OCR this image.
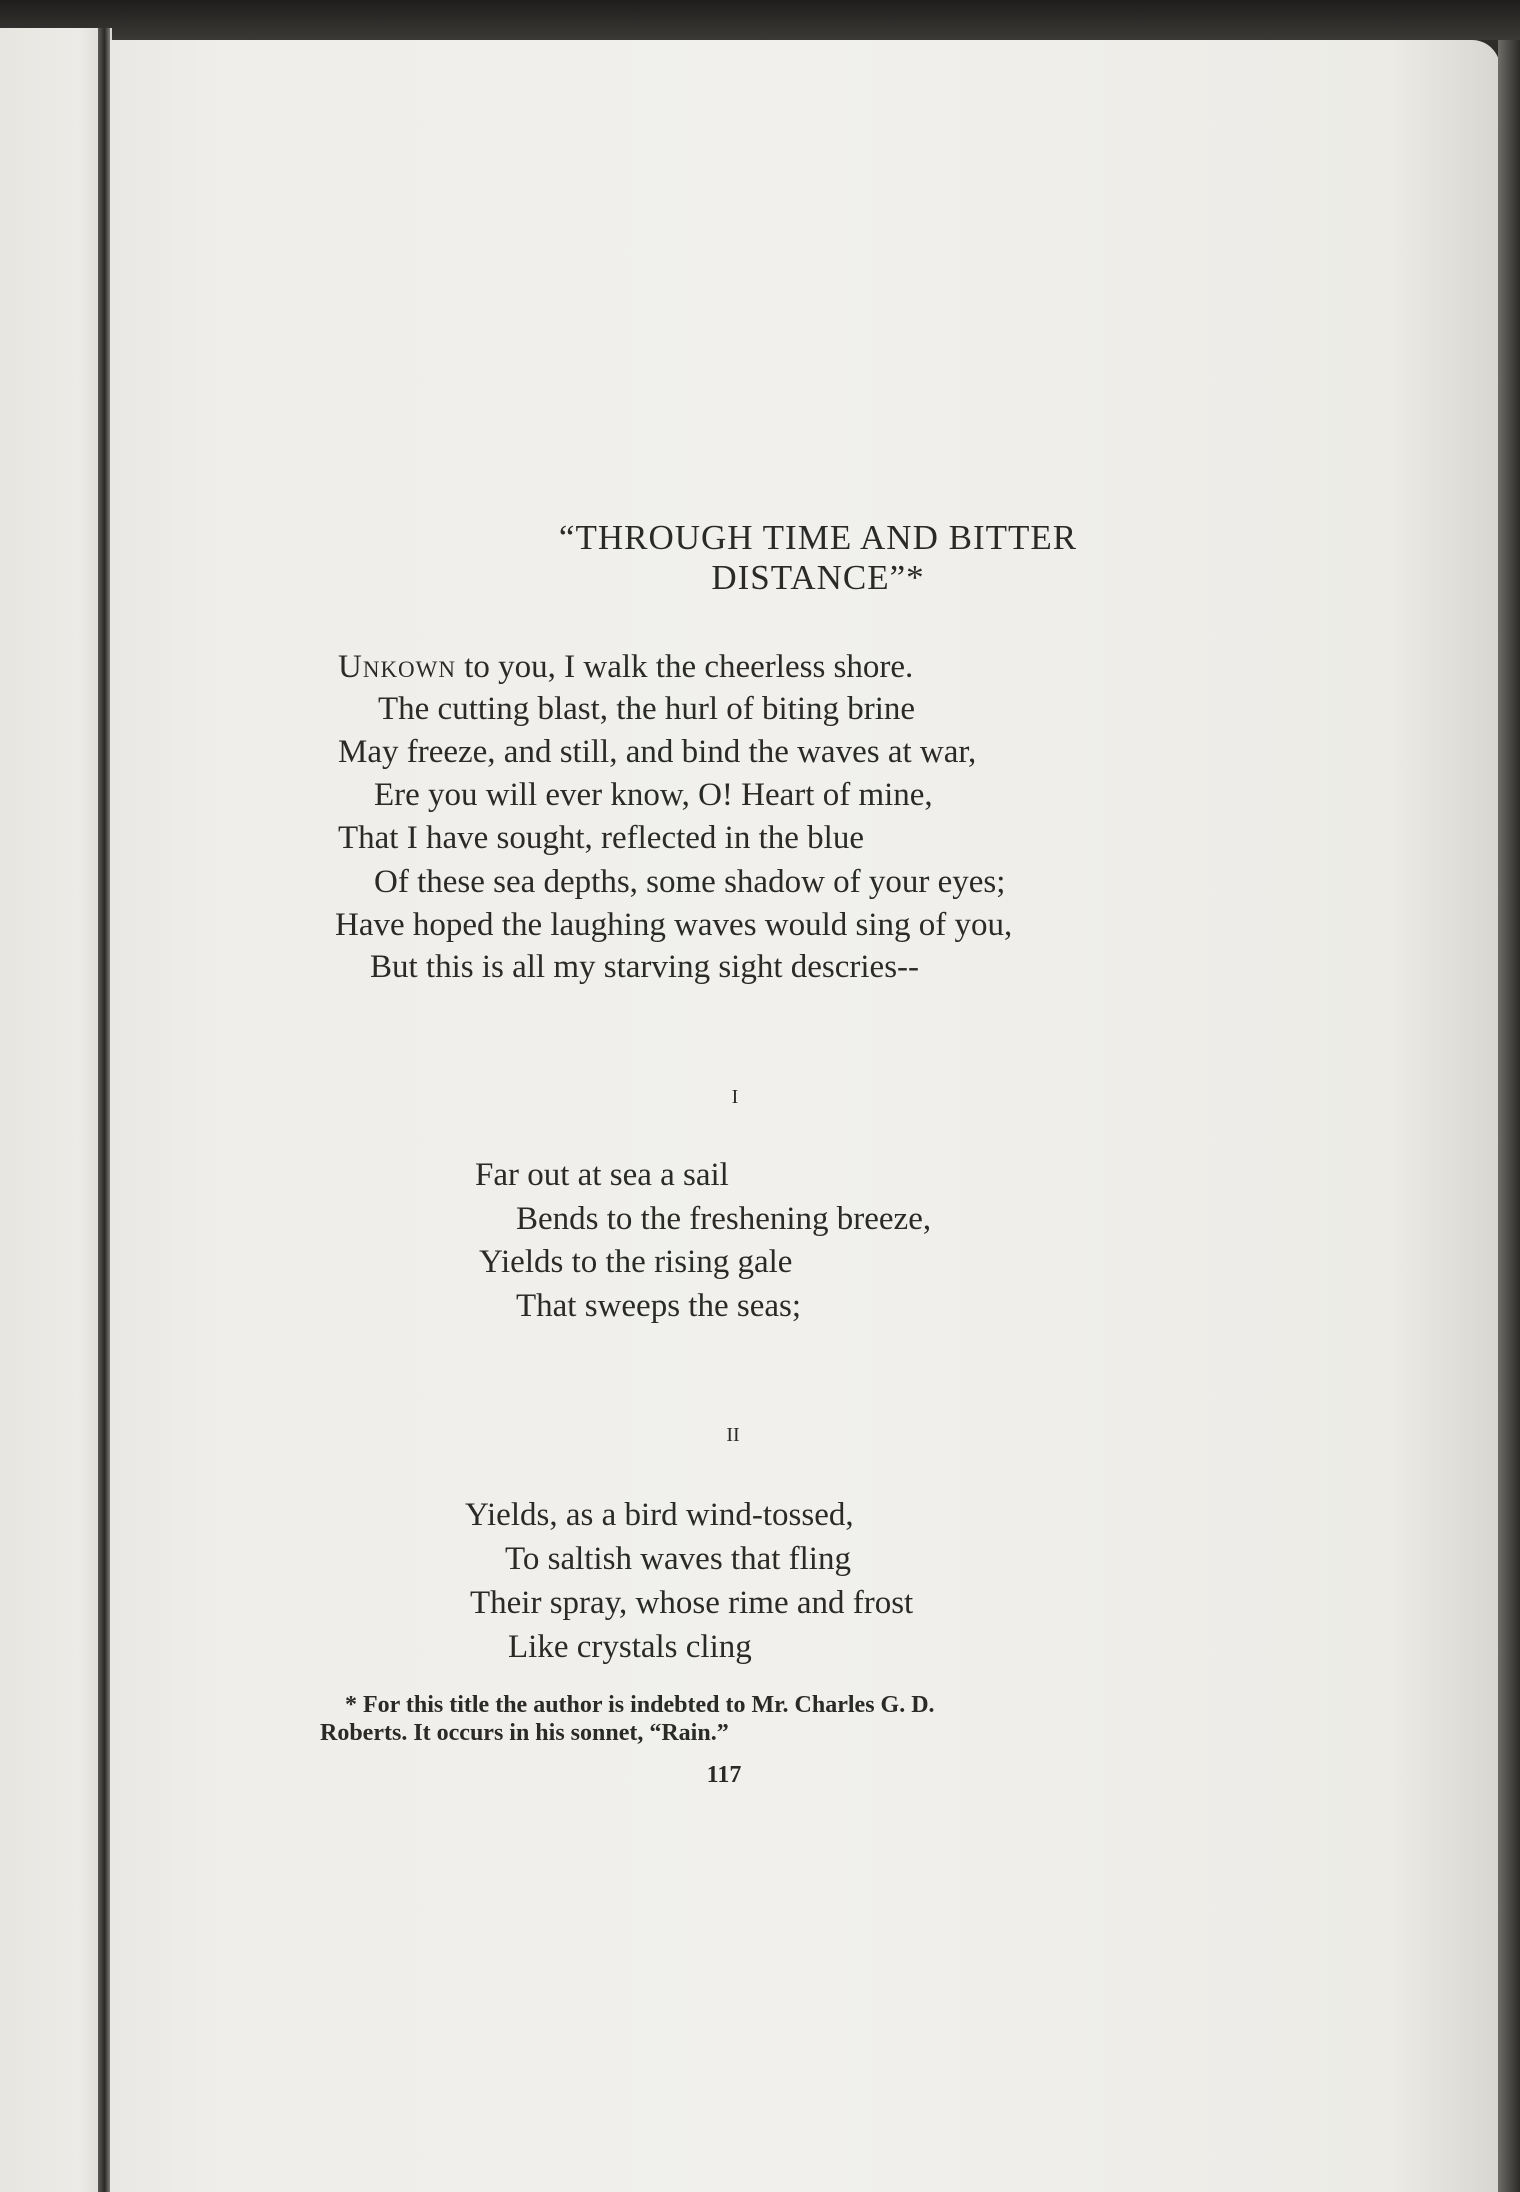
“THROUGH TIME AND BITTER
DISTANCE”*
Unkown to you, I walk the cheerless shore.
The cutting blast, the hurl of biting brine
May freeze, and still, and bind the waves at war,
Ere you will ever know, O! Heart of mine,
That I have sought, reflected in the blue
Of these sea depths, some shadow of your eyes;
Have hoped the laughing waves would sing of you,
But this is all my starving sight descries--
I
Far out at sea a sail
Bends to the freshening breeze,
Yields to the rising gale
That sweeps the seas;
II
Yields, as a bird wind-tossed,
To saltish waves that fling
Their spray, whose rime and frost
Like crystals cling
* For this title the author is indebted to Mr. Charles G. D.
Roberts. It occurs in his sonnet, “Rain.”
117
